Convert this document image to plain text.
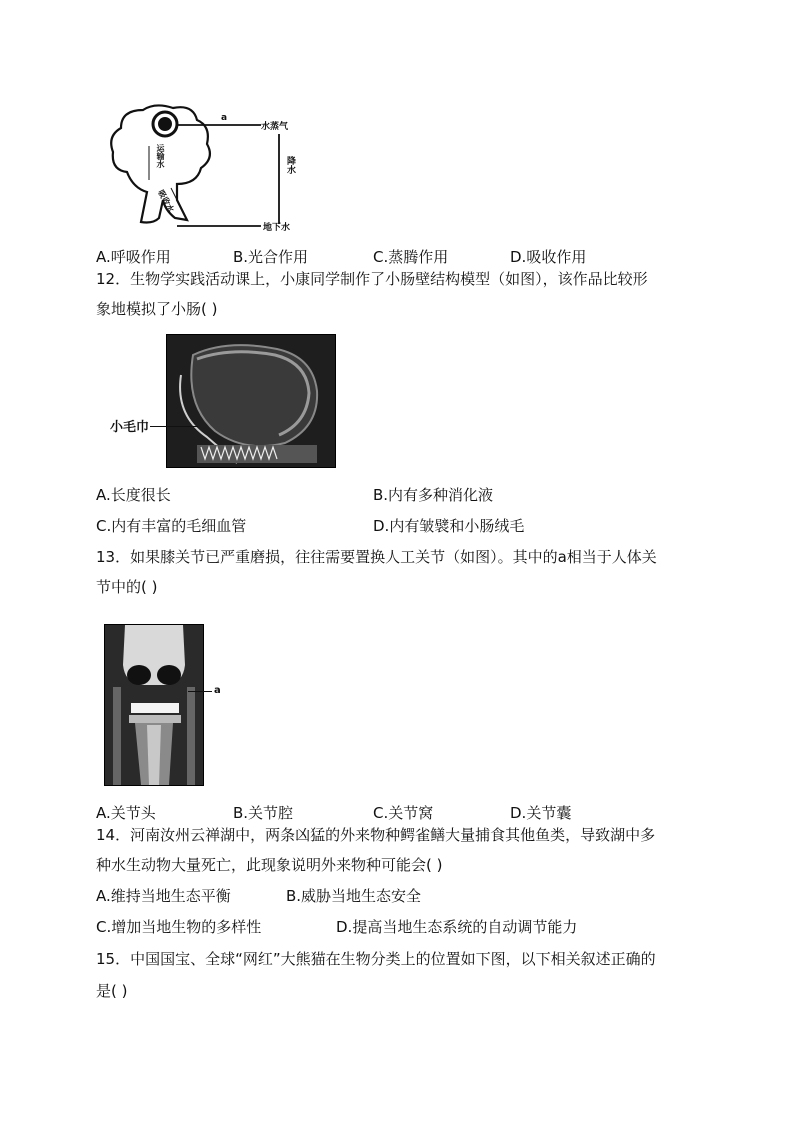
a
水蒸气
降水
地下水
运输水
吸收水
A.呼吸作用	B.光合作用	C.蒸腾作用	D.吸收作用
12．生物学实践活动课上，小康同学制作了小肠壁结构模型（如图），该作品比较形
象地模拟了小肠( )
小毛巾
A.长度很长	B.内有多种消化液
C.内有丰富的毛细血管	D.内有皱襞和小肠绒毛
13．如果膝关节已严重磨损，往往需要置换人工关节（如图）。其中的a相当于人体关
节中的( )
a
A.关节头	B.关节腔	C.关节窝	D.关节囊
14．河南汝州云禅湖中，两条凶猛的外来物种鳄雀鳝大量捕食其他鱼类，导致湖中多
种水生动物大量死亡，此现象说明外来物种可能会( )
A.维持当地生态平衡	B.威胁当地生态安全
C.增加当地生物的多样性	D.提高当地生态系统的自动调节能力
15．中国国宝、全球“网红”大熊猫在生物分类上的位置如下图，以下相关叙述正确的
是( )
